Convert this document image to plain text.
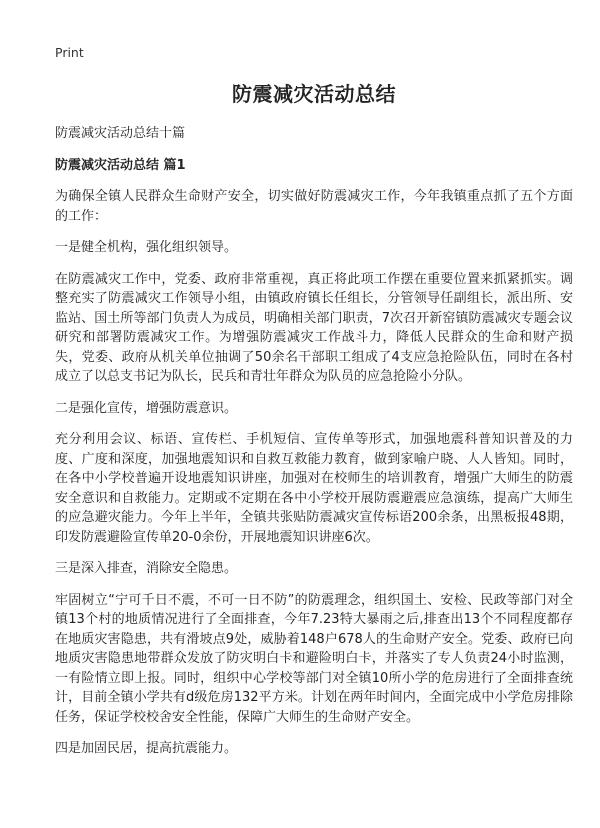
Print
防震减灾活动总结
防震减灾活动总结十篇
防震减灾活动总结 篇1

为确保全镇人民群众生命财产安全，切实做好防震减灾工作，今年我镇重点抓了五个方面的工作：

一是健全机构，强化组织领导。

在防震减灾工作中，党委、政府非常重视，真正将此项工作摆在重要位置来抓紧抓实。调整充实了防震减灾工作领导小组，由镇政府镇长任组长，分管领导任副组长，派出所、安监站、国土所等部门负责人为成员，明确相关部门职责，7次召开新窑镇防震减灾专题会议研究和部署防震减灾工作。为增强防震减灾工作战斗力，降低人民群众的生命和财产损失，党委、政府从机关单位抽调了50余名干部职工组成了4支应急抢险队伍，同时在各村成立了以总支书记为队长，民兵和青壮年群众为队员的应急抢险小分队。

二是强化宣传，增强防震意识。

充分利用会议、标语、宣传栏、手机短信、宣传单等形式，加强地震科普知识普及的力度、广度和深度，加强地震知识和自救互救能力教育，做到家喻户晓、人人皆知。同时，在各中小学校普遍开设地震知识讲座，加强对在校师生的培训教育，增强广大师生的防震安全意识和自救能力。定期或不定期在各中小学校开展防震避震应急演练，提高广大师生的应急避灾能力。今年上半年，全镇共张贴防震减灾宣传标语200余条，出黑板报48期，印发防震避险宣传单20-0余份，开展地震知识讲座6次。

三是深入排查，消除安全隐患。

牢固树立“宁可千日不震，不可一日不防”的防震理念，组织国土、安检、民政等部门对全镇13个村的地质情况进行了全面排查，今年7.23特大暴雨之后,排查出13个不同程度都存在地质灾害隐患，共有滑坡点9处，威胁着148户678人的生命财产安全。党委、政府已向地质灾害隐患地带群众发放了防灾明白卡和避险明白卡，并落实了专人负责24小时监测，一有险情立即上报。同时，组织中心学校等部门对全镇10所小学的危房进行了全面排查统计，目前全镇小学共有d级危房132平方米。计划在两年时间内，全面完成中小学危房排除任务，保证学校校舍安全性能，保障广大师生的生命财产安全。

四是加固民居，提高抗震能力。
